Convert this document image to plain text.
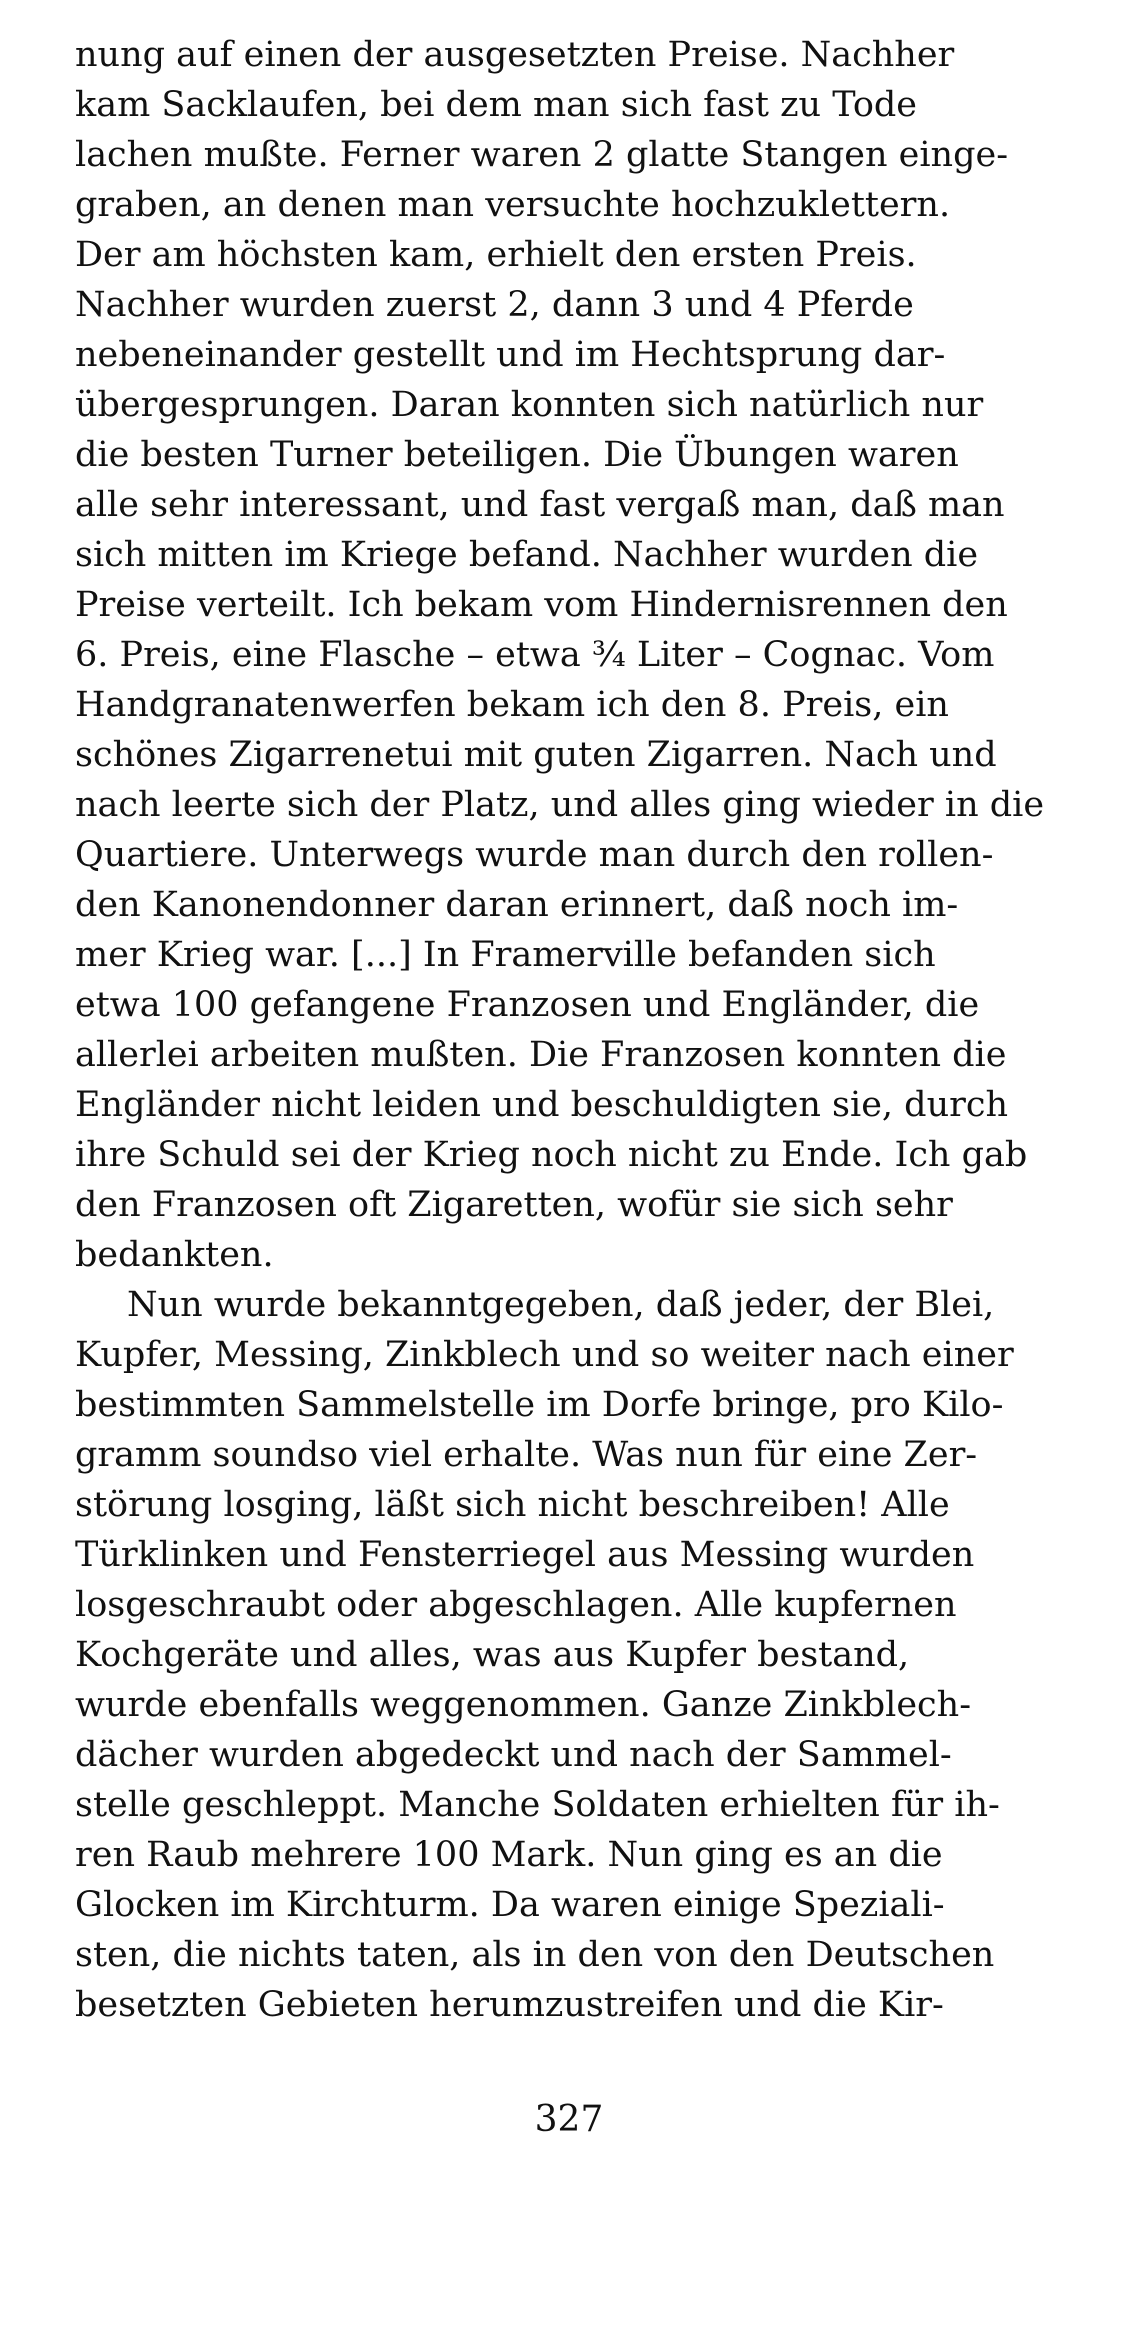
nung auf einen der ausgesetzten Preise. Nachher
kam Sacklaufen, bei dem man sich fast zu Tode
lachen mußte. Ferner waren 2 glatte Stangen einge-
graben, an denen man versuchte hochzuklettern.
Der am höchsten kam, erhielt den ersten Preis.
Nachher wurden zuerst 2, dann 3 und 4 Pferde
nebeneinander gestellt und im Hechtsprung dar-
übergesprungen. Daran konnten sich natürlich nur
die besten Turner beteiligen. Die Übungen waren
alle sehr interessant, und fast vergaß man, daß man
sich mitten im Kriege befand. Nachher wurden die
Preise verteilt. Ich bekam vom Hindernisrennen den
6. Preis, eine Flasche – etwa ¾ Liter – Cognac. Vom
Handgranatenwerfen bekam ich den 8. Preis, ein
schönes Zigarrenetui mit guten Zigarren. Nach und
nach leerte sich der Platz, und alles ging wieder in die
Quartiere. Unterwegs wurde man durch den rollen-
den Kanonendonner daran erinnert, daß noch im-
mer Krieg war. [...] In Framerville befanden sich
etwa 100 gefangene Franzosen und Engländer, die
allerlei arbeiten mußten. Die Franzosen konnten die
Engländer nicht leiden und beschuldigten sie, durch
ihre Schuld sei der Krieg noch nicht zu Ende. Ich gab
den Franzosen oft Zigaretten, wofür sie sich sehr
bedankten.
Nun wurde bekanntgegeben, daß jeder, der Blei,
Kupfer, Messing, Zinkblech und so weiter nach einer
bestimmten Sammelstelle im Dorfe bringe, pro Kilo-
gramm soundso viel erhalte. Was nun für eine Zer-
störung losging, läßt sich nicht beschreiben! Alle
Türklinken und Fensterriegel aus Messing wurden
losgeschraubt oder abgeschlagen. Alle kupfernen
Kochgeräte und alles, was aus Kupfer bestand,
wurde ebenfalls weggenommen. Ganze Zinkblech-
dächer wurden abgedeckt und nach der Sammel-
stelle geschleppt. Manche Soldaten erhielten für ih-
ren Raub mehrere 100 Mark. Nun ging es an die
Glocken im Kirchturm. Da waren einige Speziali-
sten, die nichts taten, als in den von den Deutschen
besetzten Gebieten herumzustreifen und die Kir-
327
